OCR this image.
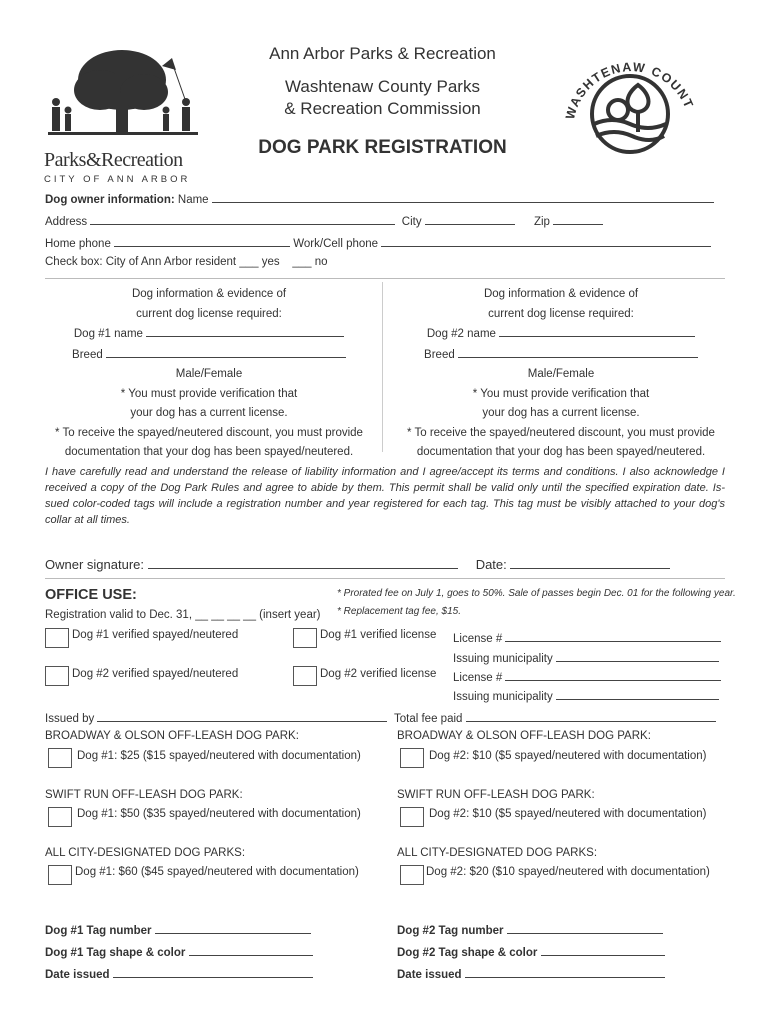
Parks&Recreation
CITY OF ANN ARBOR
Ann Arbor Parks & Recreation
Washtenaw County Parks
& Recreation Commission
DOG PARK REGISTRATION
WASHTENAW COUNT
Dog owner information: Name
Address	City	Zip
Home phone	Work/Cell phone
Check box: City of Ann Arbor resident ___ yes ___ no
Dog information & evidence of
current dog license required:
Dog #1 name
Breed
Male/Female
* You must provide verification that
your dog has a current license.
* To receive the spayed/neutered discount, you must provide
documentation that your dog has been spayed/neutered.
Dog information & evidence of
current dog license required:
Dog #2 name
Breed
Male/Female
* You must provide verification that
your dog has a current license.
* To receive the spayed/neutered discount, you must provide
documentation that your dog has been spayed/neutered.
I have carefully read and understand the release of liability information and I agree/accept its terms and conditions. I also acknowledge I received a copy of the Dog Park Rules and agree to abide by them. This permit shall be valid only until the specified expiration date. Is-sued color-coded tags will include a registration number and year registered for each tag. This tag must be visibly attached to your dog's collar at all times.
Owner signature:	Date:
OFFICE USE:	* Prorated fee on July 1, goes to 50%. Sale of passes begin Dec. 01 for the following year.
* Replacement tag fee, $15.
Registration valid to Dec. 31, __ __ __ __ (insert year)
Dog #1 verified spayed/neutered	Dog #1 verified license License #
Issuing municipality
Dog #2 verified spayed/neutered	Dog #2 verified license License #
Issuing municipality
Issued by	Total fee paid
BROADWAY & OLSON OFF-LEASH DOG PARK:	BROADWAY & OLSON OFF-LEASH DOG PARK:
Dog #1: $25 ($15 spayed/neutered with documentation)	Dog #2: $10 ($5 spayed/neutered with documentation)
SWIFT RUN OFF-LEASH DOG PARK:	SWIFT RUN OFF-LEASH DOG PARK:
Dog #1: $50 ($35 spayed/neutered with documentation)	Dog #2: $10 ($5 spayed/neutered with documentation)
ALL CITY-DESIGNATED DOG PARKS:	ALL CITY-DESIGNATED DOG PARKS:
Dog #1: $60 ($45 spayed/neutered with documentation)	Dog #2: $20 ($10 spayed/neutered with documentation)
Dog #1 Tag number
Dog #1 Tag shape & color
Date issued
Dog #2 Tag number
Dog #2 Tag shape & color
Date issued
